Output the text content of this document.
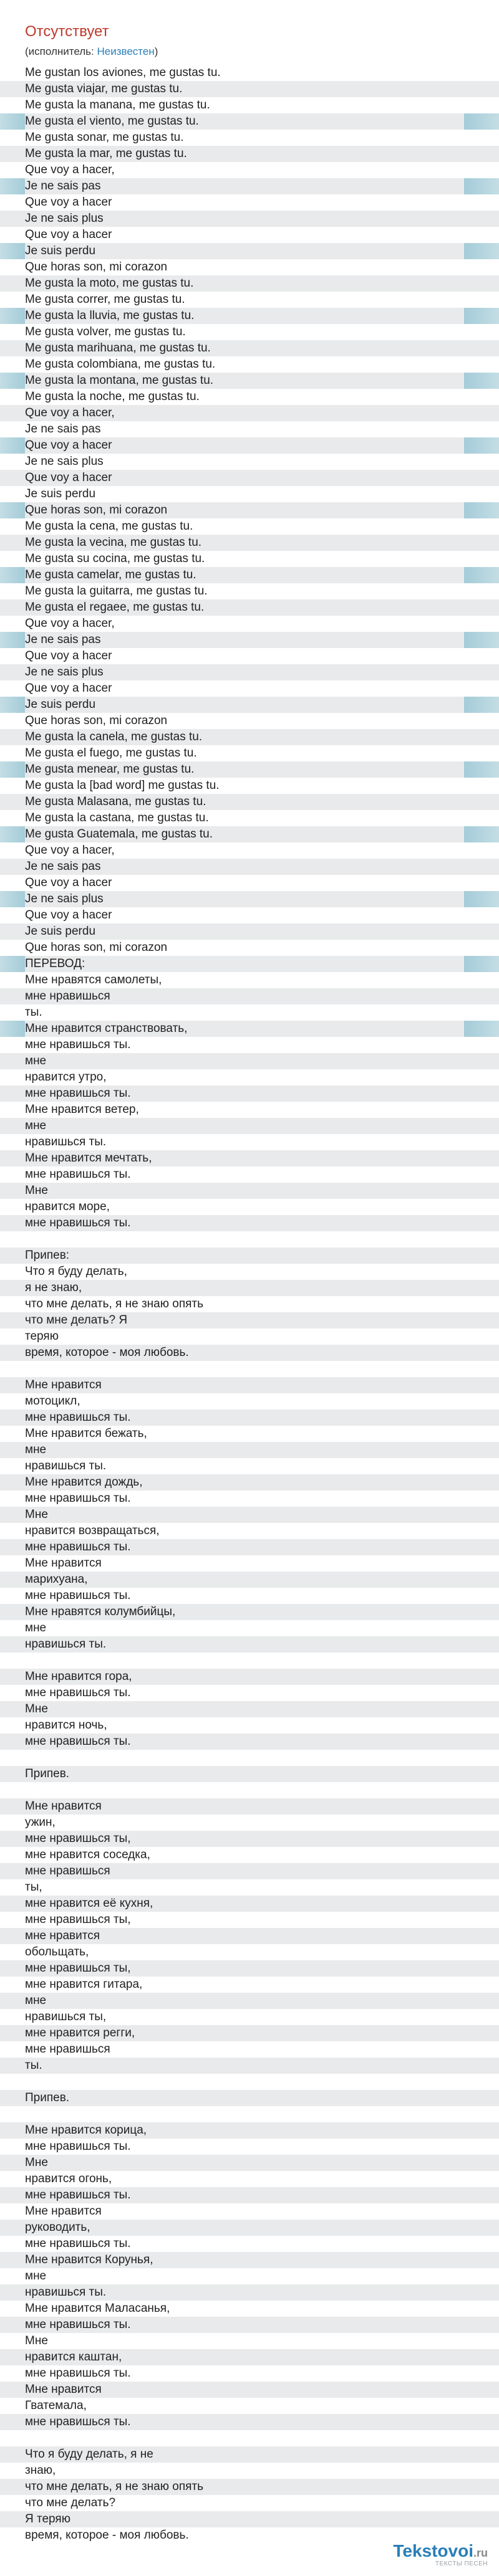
Отсутствует
(исполнитель: Неизвестен)
Me gustan los aviones, me gustas tu.
Me gusta viajar, me gustas tu.
Me gusta la manana, me gustas tu.
Me gusta el viento, me gustas tu.
Me gusta sonar, me gustas tu.
Me gusta la mar, me gustas tu.
Que voy a hacer,
Je ne sais pas
Que voy a hacer
Je ne sais plus
Que voy a hacer
Je suis perdu
Que horas son, mi corazon
Me gusta la moto, me gustas tu.
Me gusta correr, me gustas tu.
Me gusta la lluvia, me gustas tu.
Me gusta volver, me gustas tu.
Me gusta marihuana, me gustas tu.
Me gusta colombiana, me gustas tu.
Me gusta la montana, me gustas tu.
Me gusta la noche, me gustas tu.
Que voy a hacer,
Je ne sais pas
Que voy a hacer
Je ne sais plus
Que voy a hacer
Je suis perdu
Que horas son, mi corazon
Me gusta la cena, me gustas tu.
Me gusta la vecina, me gustas tu.
Me gusta su cocina, me gustas tu.
Me gusta camelar, me gustas tu.
Me gusta la guitarra, me gustas tu.
Me gusta el regaee, me gustas tu.
Que voy a hacer,
Je ne sais pas
Que voy a hacer
Je ne sais plus
Que voy a hacer
Je suis perdu
Que horas son, mi corazon
Me gusta la canela, me gustas tu.
Me gusta el fuego, me gustas tu.
Me gusta menear, me gustas tu.
Me gusta la [bad word] me gustas tu.
Me gusta Malasana, me gustas tu.
Me gusta la castana, me gustas tu.
Me gusta Guatemala, me gustas tu.
Que voy a hacer,
Je ne sais pas
Que voy a hacer
Je ne sais plus
Que voy a hacer
Je suis perdu
Que horas son, mi corazon
ПЕРЕВОД:
Мне нравятся самолеты,
мне нравишься
ты.
Мне нравится странствовать,
мне нравишься ты.
мне
нравится утро,
мне нравишься ты.
Мне нравится ветер,
мне
нравишься ты.
Мне нравится мечтать,
мне нравишься ты.
Мне
нравится море,
мне нравишься ты.
Припев:
Что я буду делать,
я не знаю,
что мне делать, я не знаю опять
что мне делать? Я
теряю
время, которое - моя любовь.
Мне нравится
мотоцикл,
мне нравишься ты.
Мне нравится бежать,
мне
нравишься ты.
Мне нравится дождь,
мне нравишься ты.
Мне
нравится возвращаться,
мне нравишься ты.
Мне нравится
марихуана,
мне нравишься ты.
Мне нравятся колумбийцы,
мне
нравишься ты.
Мне нравится гора,
мне нравишься ты.
Мне
нравится ночь,
мне нравишься ты.
Припев.
Мне нравится
ужин,
мне нравишься ты,
мне нравится соседка,
мне нравишься
ты,
мне нравится её кухня,
мне нравишься ты,
мне нравится
обольщать,
мне нравишься ты,
мне нравится гитара,
мне
нравишься ты,
мне нравится регги,
мне нравишься
ты.
Припев.
Мне нравится корица,
мне нравишься ты.
Мне
нравится огонь,
мне нравишься ты.
Мне нравится
руководить,
мне нравишься ты.
Мне нравится Корунья,
мне
нравишься ты.
Мне нравится Маласанья,
мне нравишься ты.
Мне
нравится каштан,
мне нравишься ты.
Мне нравится
Гватемала,
мне нравишься ты.
Что я буду делать, я не
знаю,
что мне делать, я не знаю опять
что мне делать?
Я теряю
время, которое - моя любовь.
Tekstovoi.ru
ТЕКСТЫ ПЕСЕН
